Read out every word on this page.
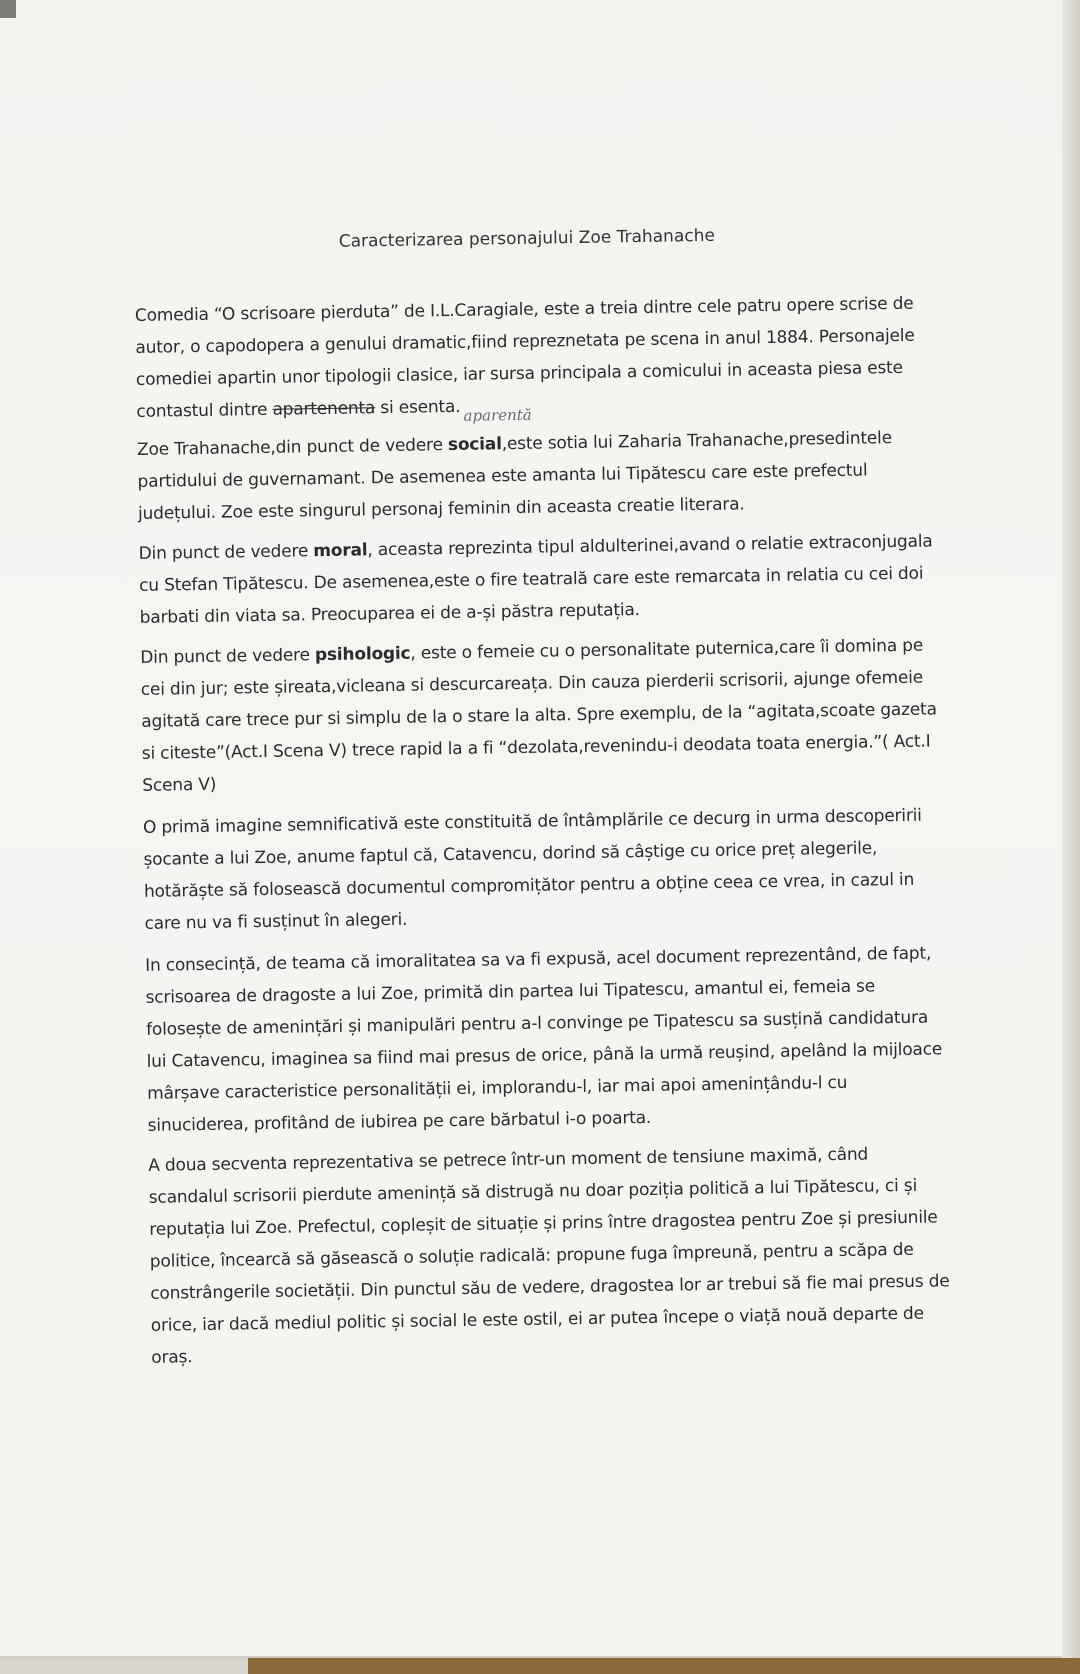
Caracterizarea personajului Zoe Trahanache
Comedia “O scrisoare pierduta” de I.L.Caragiale, este a treia dintre cele patru opere scrise de autor, o capodopera a genului dramatic,fiind repreznetata pe scena in anul 1884. Personajele comediei apartin unor tipologii clasice, iar sursa principala a comicului in aceasta piesa este contastul dintre apartenenta si esenta. aparentă
Zoe Trahanache,din punct de vedere social,este sotia lui Zaharia Trahanache,presedintele partidului de guvernamant. De asemenea este amanta lui Tipătescu care este prefectul județului. Zoe este singurul personaj feminin din aceasta creatie literara.
Din punct de vedere moral, aceasta reprezinta tipul aldulterinei,avand o relatie extraconjugala cu Stefan Tipătescu. De asemenea,este o fire teatrală care este remarcata in relatia cu cei doi barbati din viata sa. Preocuparea ei de a-și păstra reputația.
Din punct de vedere psihologic, este o femeie cu o personalitate puternica,care îi domina pe cei din jur; este șireata,vicleana si descurcareața. Din cauza pierderii scrisorii, ajunge ofemeie agitată care trece pur si simplu de la o stare la alta. Spre exemplu, de la “agitata,scoate gazeta si citeste”(Act.I Scena V) trece rapid la a fi “dezolata,revenindu-i deodata toata energia.”( Act.I Scena V)
O primă imagine semnificativă este constituită de întâmplările ce decurg in urma descoperirii șocante a lui Zoe, anume faptul că, Catavencu, dorind să câștige cu orice preț alegerile, hotărăște să folosească documentul compromițător pentru a obține ceea ce vrea, in cazul in care nu va fi susținut în alegeri.
In consecință, de teama că imoralitatea sa va fi expusă, acel document reprezentând, de fapt, scrisoarea de dragoste a lui Zoe, primită din partea lui Tipatescu, amantul ei, femeia se folosește de amenințări și manipulări pentru a-l convinge pe Tipatescu sa susțină candidatura lui Catavencu, imaginea sa fiind mai presus de orice, până la urmă reușind, apelând la mijloace mârșave caracteristice personalității ei, implorandu-l, iar mai apoi amenințându-l cu sinuciderea, profitând de iubirea pe care bărbatul i-o poarta.
A doua secventa reprezentativa se petrece într-un moment de tensiune maximă, când scandalul scrisorii pierdute amenință să distrugă nu doar poziția politică a lui Tipătescu, ci și reputația lui Zoe. Prefectul, copleșit de situație și prins între dragostea pentru Zoe și presiunile politice, încearcă să găsească o soluție radicală: propune fuga împreună, pentru a scăpa de constrângerile societății. Din punctul său de vedere, dragostea lor ar trebui să fie mai presus de orice, iar dacă mediul politic și social le este ostil, ei ar putea începe o viață nouă departe de oraș.
